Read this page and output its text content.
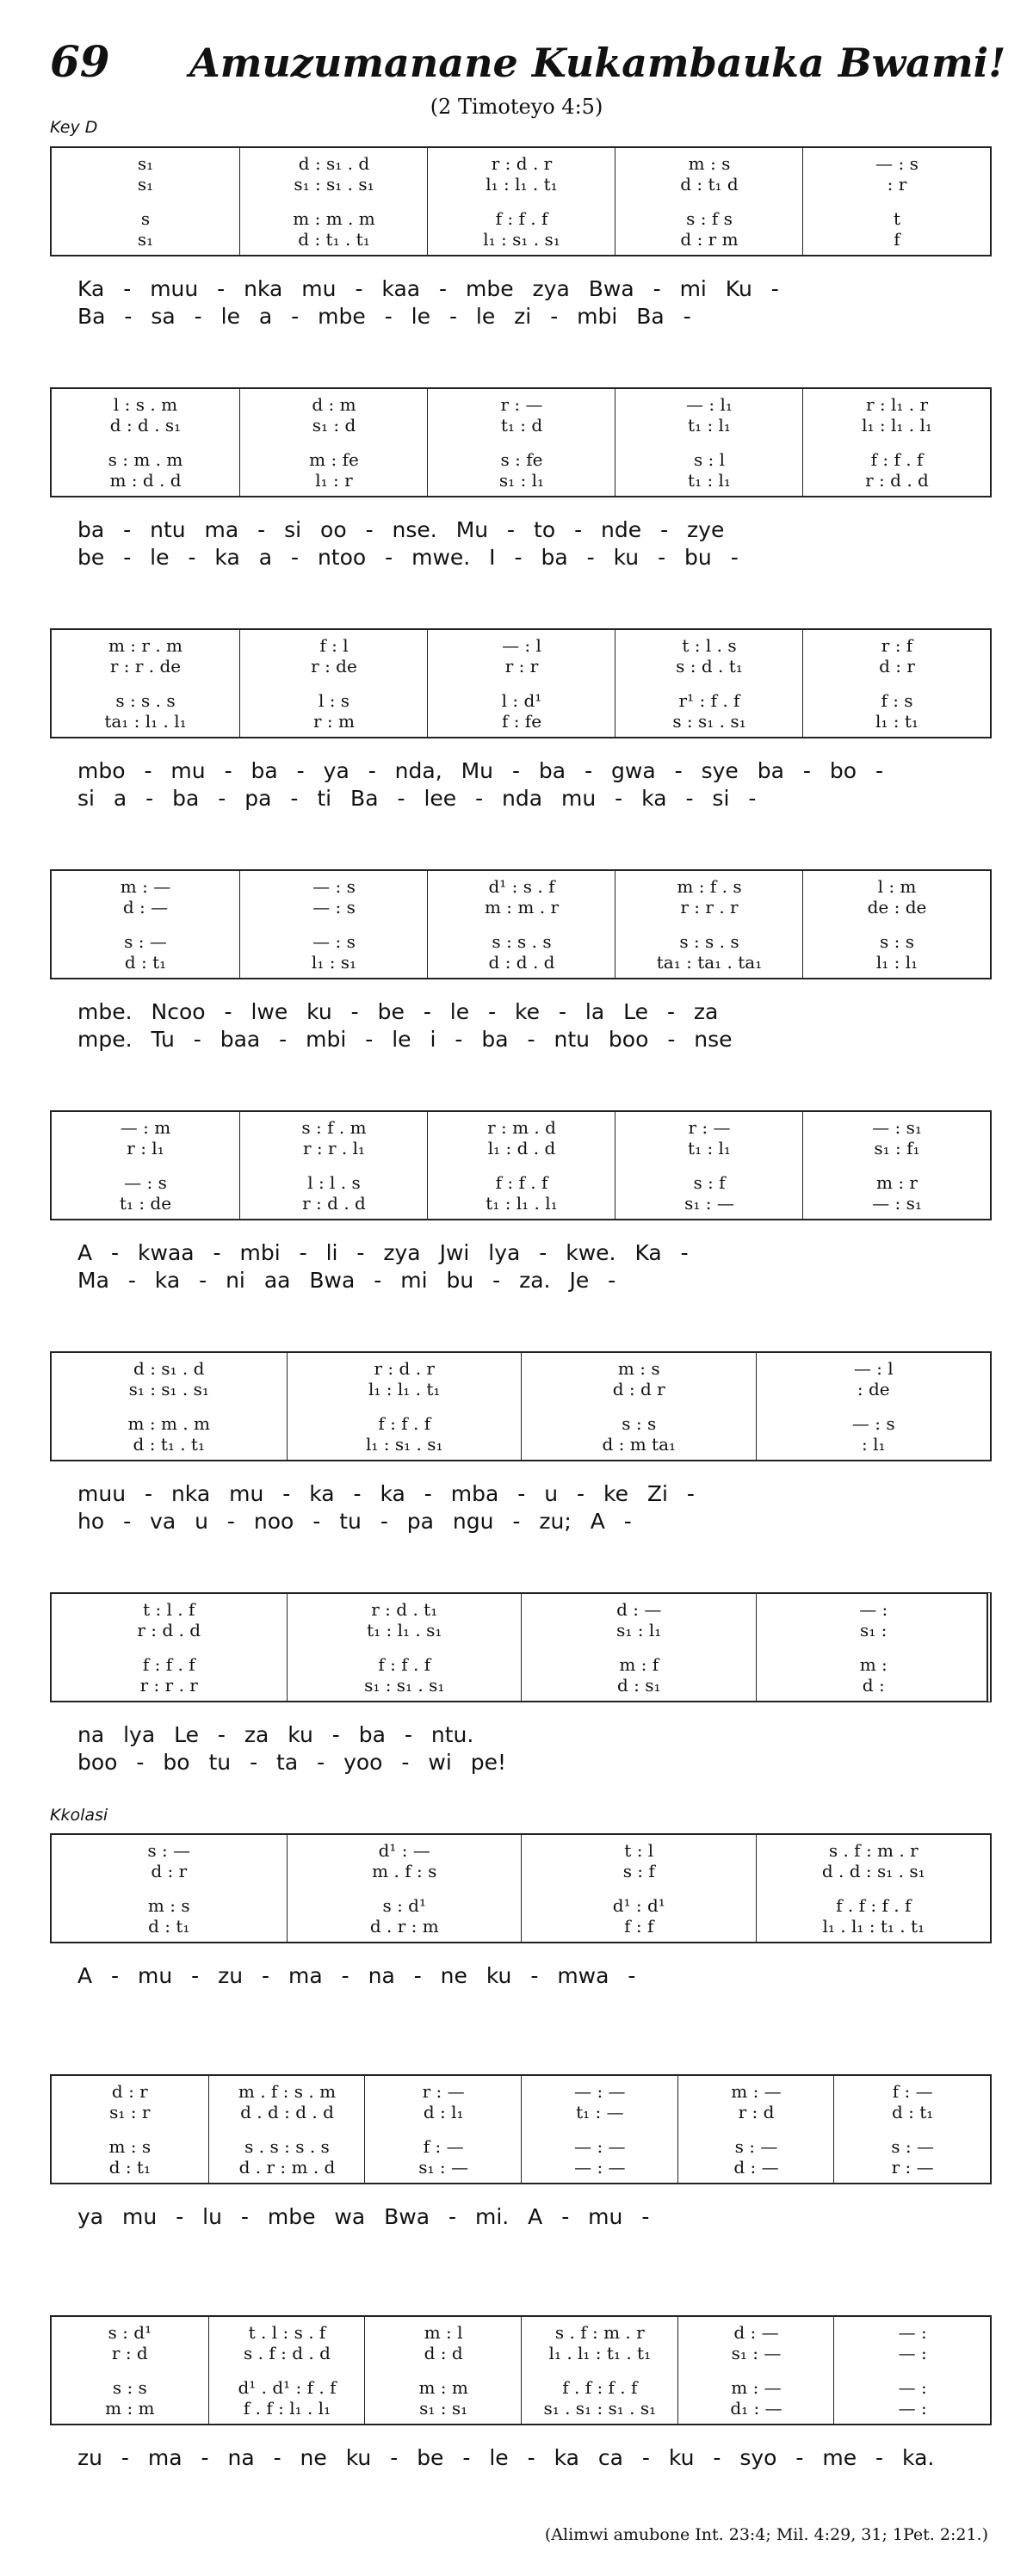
69 Amuzumanane Kukambauka Bwami!
(2 Timoteyo 4:5)
Key D
Kkolasi
s₁
s₁
s
s₁
d : s₁ . d
s₁ : s₁ . s₁
m : m . m
d : t₁ . t₁
r : d . r
l₁ : l₁ . t₁
f : f . f
l₁ : s₁ . s₁
m : s
d : t₁ d
s : f s
d : r m
— : s
: r
t
f
Ka - muu - nka mu - kaa - mbe zya Bwa - mi Ku -
Ba - sa - le a - mbe - le - le zi - mbi Ba -
l : s . m
d : d . s₁
s : m . m
m : d . d
d : m
s₁ : d
m : fe
l₁ : r
r : —
t₁ : d
s : fe
s₁ : l₁
— : l₁
t₁ : l₁
s : l
t₁ : l₁
r : l₁ . r
l₁ : l₁ . l₁
f : f . f
r : d . d
ba - ntu ma - si oo - nse. Mu - to - nde - zye
be - le - ka a - ntoo - mwe. I - ba - ku - bu -
m : r . m
r : r . de
s : s . s
ta₁ : l₁ . l₁
f : l
r : de
l : s
r : m
— : l
r : r
l : d¹
f : fe
t : l . s
s : d . t₁
r¹ : f . f
s : s₁ . s₁
r : f
d : r
f : s
l₁ : t₁
mbo - mu - ba - ya - nda, Mu - ba - gwa - sye ba - bo -
si a - ba - pa - ti Ba - lee - nda mu - ka - si -
m : —
d : —
s : —
d : t₁
— : s
— : s
— : s
l₁ : s₁
d¹ : s . f
m : m . r
s : s . s
d : d . d
m : f . s
r : r . r
s : s . s
ta₁ : ta₁ . ta₁
l : m
de : de
s : s
l₁ : l₁
mbe. Ncoo - lwe ku - be - le - ke - la Le - za
mpe. Tu - baa - mbi - le i - ba - ntu boo - nse
— : m
r : l₁
— : s
t₁ : de
s : f . m
r : r . l₁
l : l . s
r : d . d
r : m . d
l₁ : d . d
f : f . f
t₁ : l₁ . l₁
r : —
t₁ : l₁
s : f
s₁ : —
— : s₁
s₁ : f₁
m : r
— : s₁
A - kwaa - mbi - li - zya Jwi lya - kwe. Ka -
Ma - ka - ni aa Bwa - mi bu - za. Je -
d : s₁ . d
s₁ : s₁ . s₁
m : m . m
d : t₁ . t₁
r : d . r
l₁ : l₁ . t₁
f : f . f
l₁ : s₁ . s₁
m : s
d : d r
s : s
d : m ta₁
— : l
: de
— : s
: l₁
muu - nka mu - ka - ka - mba - u - ke Zi -
ho - va u - noo - tu - pa ngu - zu; A -
t : l . f
r : d . d
f : f . f
r : r . r
r : d . t₁
t₁ : l₁ . s₁
f : f . f
s₁ : s₁ . s₁
d : —
s₁ : l₁
m : f
d : s₁
— :
s₁ :
m :
d :
na lya Le - za ku - ba - ntu.
boo - bo tu - ta - yoo - wi pe!
s : —
d : r
m : s
d : t₁
d¹ : —
m . f : s
s : d¹
d . r : m
t : l
s : f
d¹ : d¹
f : f
s . f : m . r
d . d : s₁ . s₁
f . f : f . f
l₁ . l₁ : t₁ . t₁
A - mu - zu - ma - na - ne ku - mwa -
d : r
s₁ : r
m : s
d : t₁
m . f : s . m
d . d : d . d
s . s : s . s
d . r : m . d
r : —
d : l₁
f : —
s₁ : —
— : —
t₁ : —
— : —
— : —
m : —
r : d
s : —
d : —
f : —
d : t₁
s : —
r : —
ya mu - lu - mbe wa Bwa - mi. A - mu -
s : d¹
r : d
s : s
m : m
t . l : s . f
s . f : d . d
d¹ . d¹ : f . f
f . f : l₁ . l₁
m : l
d : d
m : m
s₁ : s₁
s . f : m . r
l₁ . l₁ : t₁ . t₁
f . f : f . f
s₁ . s₁ : s₁ . s₁
d : —
s₁ : —
m : —
d₁ : —
— :
— :
— :
— :
zu - ma - na - ne ku - be - le - ka ca - ku - syo - me - ka.
(Alimwi amubone Int. 23:4; Mil. 4:29, 31; 1Pet. 2:21.)
